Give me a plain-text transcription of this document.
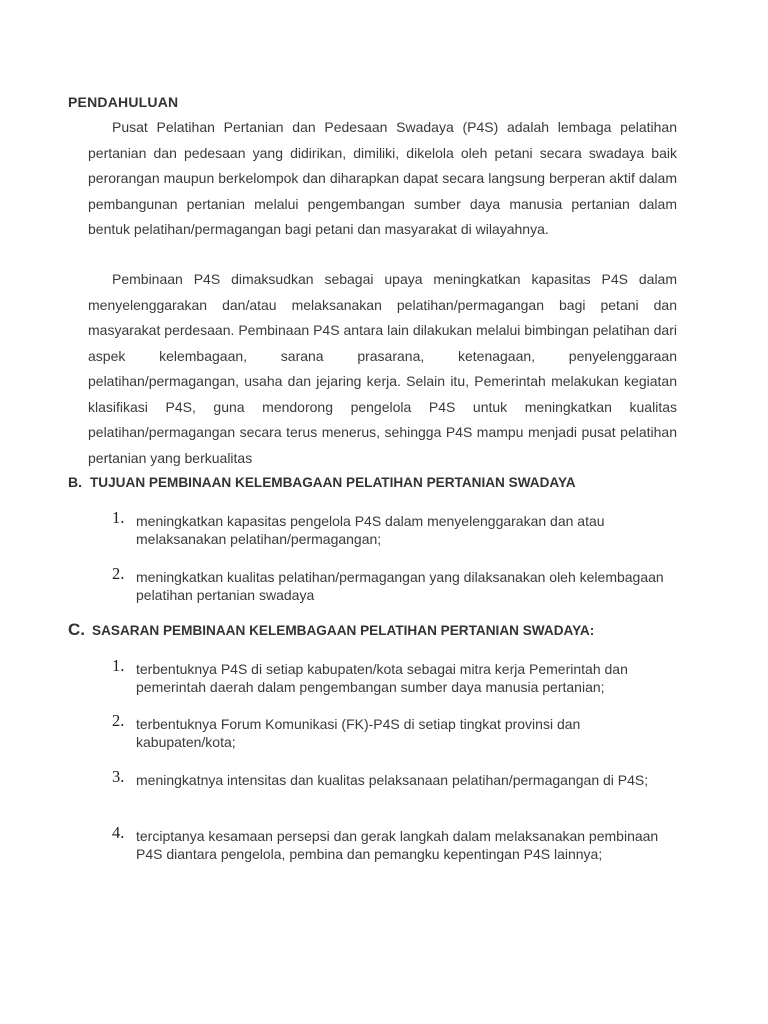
PENDAHULUAN

Pusat Pelatihan Pertanian dan Pedesaan Swadaya (P4S) adalah lembaga pelatihan pertanian dan pedesaan yang didirikan, dimiliki, dikelola oleh petani secara swadaya baik perorangan maupun berkelompok dan diharapkan dapat secara langsung berperan aktif dalam pembangunan pertanian melalui pengembangan sumber daya manusia pertanian dalam bentuk pelatihan/permagangan bagi petani dan masyarakat di wilayahnya.

Pembinaan P4S dimaksudkan sebagai upaya meningkatkan kapasitas P4S dalam menyelenggarakan dan/atau melaksanakan pelatihan/permagangan bagi petani dan masyarakat perdesaan. Pembinaan P4S antara lain dilakukan melalui bimbingan pelatihan dari aspek kelembagaan, sarana prasarana, ketenagaan, penyelenggaraan pelatihan/permagangan, usaha dan jejaring kerja. Selain itu, Pemerintah melakukan kegiatan klasifikasi P4S, guna mendorong pengelola P4S untuk meningkatkan kualitas pelatihan/permagangan secara terus menerus, sehingga P4S mampu menjadi pusat pelatihan pertanian yang berkualitas

B. TUJUAN PEMBINAAN KELEMBAGAAN PELATIHAN PERTANIAN SWADAYA
1. meningkatkan kapasitas pengelola P4S dalam menyelenggarakan dan atau melaksanakan pelatihan/permagangan;
2. meningkatkan kualitas pelatihan/permagangan yang dilaksanakan oleh kelembagaan pelatihan pertanian swadaya
C. SASARAN PEMBINAAN KELEMBAGAAN PELATIHAN PERTANIAN SWADAYA:
1. terbentuknya P4S di setiap kabupaten/kota sebagai mitra kerja Pemerintah dan pemerintah daerah dalam pengembangan sumber daya manusia pertanian;
2. terbentuknya Forum Komunikasi (FK)-P4S di setiap tingkat provinsi dan kabupaten/kota;
3. meningkatnya intensitas dan kualitas pelaksanaan pelatihan/permagangan di P4S;
4. terciptanya kesamaan persepsi dan gerak langkah dalam melaksanakan pembinaan P4S diantara pengelola, pembina dan pemangku kepentingan P4S lainnya;
